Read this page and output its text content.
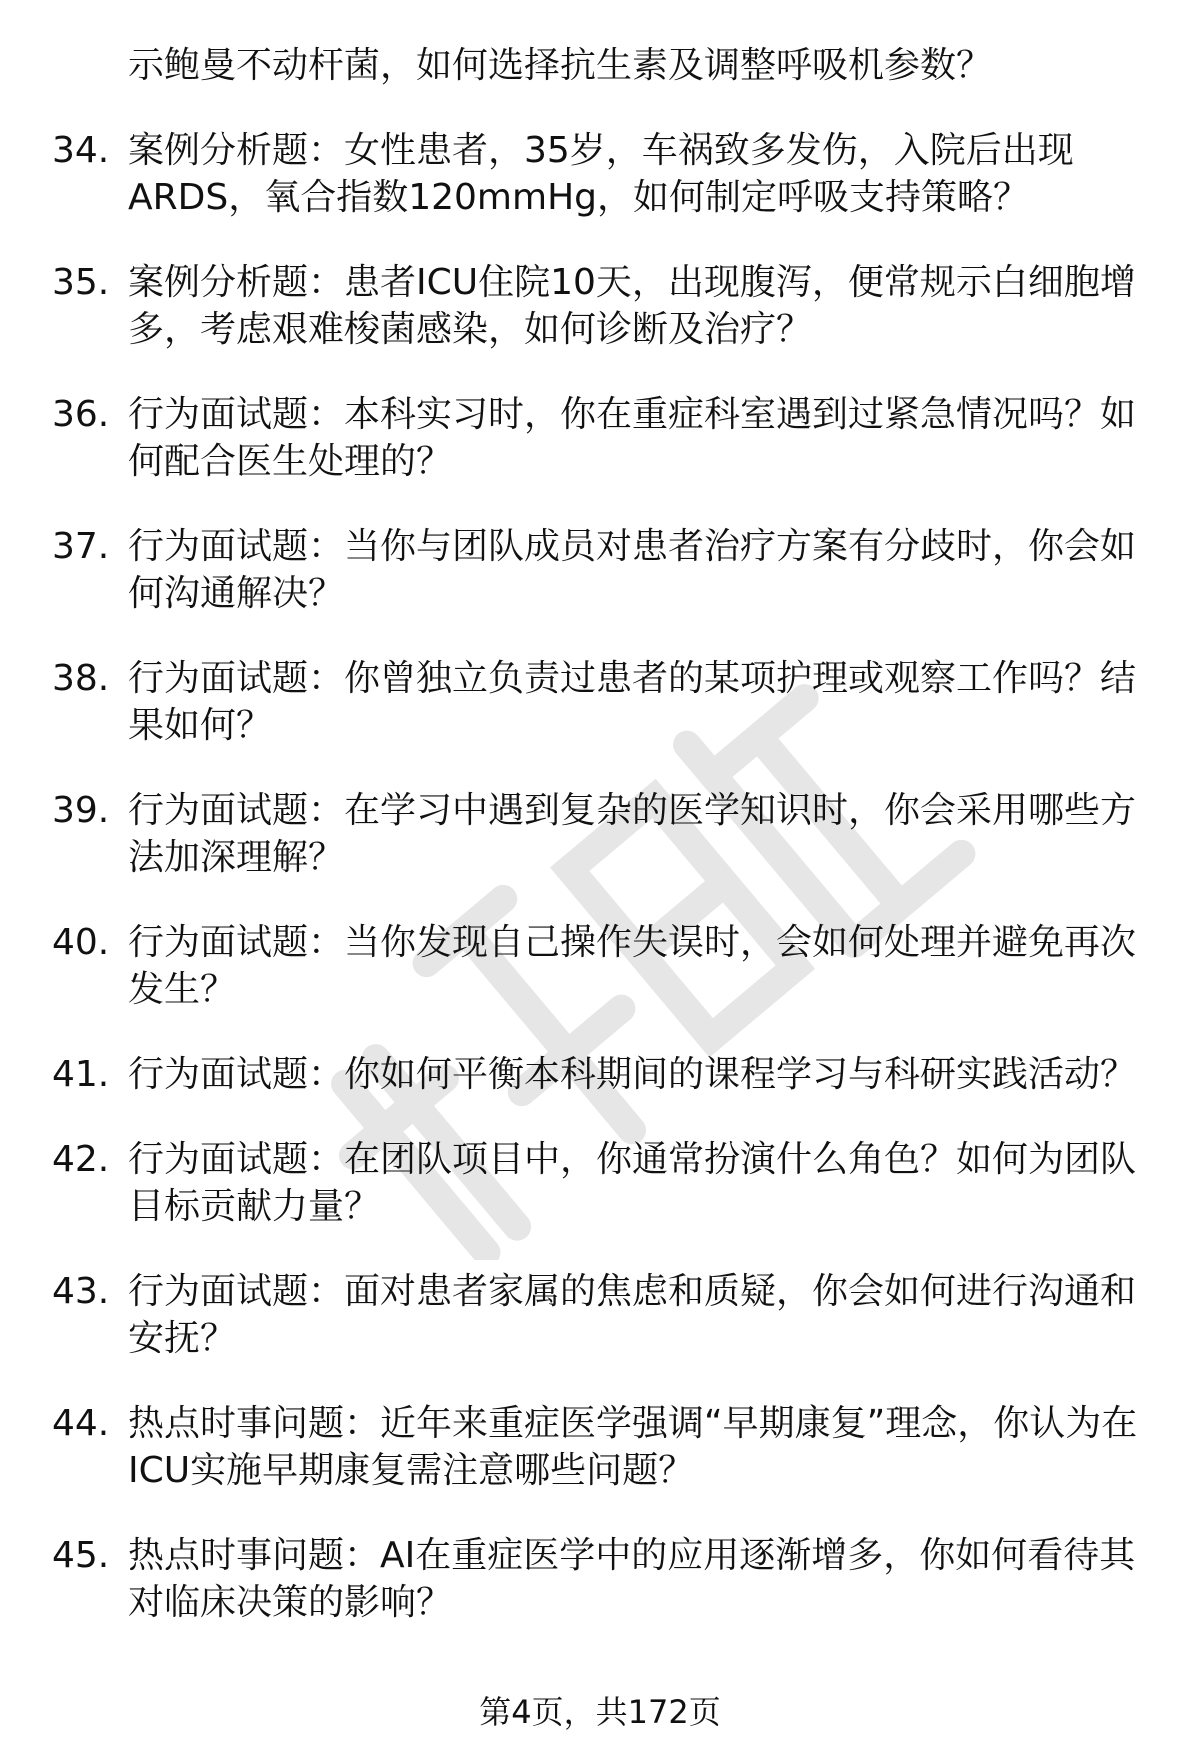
示鲍曼不动杆菌，如何选择抗生素及调整呼吸机参数？
34. 案例分析题：女性患者，35岁，车祸致多发伤，入院后出现ARDS，氧合指数120mmHg，如何制定呼吸支持策略？
35. 案例分析题：患者ICU住院10天，出现腹泻，便常规示白细胞增多，考虑艰难梭菌感染，如何诊断及治疗？
36. 行为面试题：本科实习时，你在重症科室遇到过紧急情况吗？如何配合医生处理的？
37. 行为面试题：当你与团队成员对患者治疗方案有分歧时，你会如何沟通解决？
38. 行为面试题：你曾独立负责过患者的某项护理或观察工作吗？结果如何？
39. 行为面试题：在学习中遇到复杂的医学知识时，你会采用哪些方法加深理解？
40. 行为面试题：当你发现自己操作失误时，会如何处理并避免再次发生？
41. 行为面试题：你如何平衡本科期间的课程学习与科研实践活动？
42. 行为面试题：在团队项目中，你通常扮演什么角色？如何为团队目标贡献力量？
43. 行为面试题：面对患者家属的焦虑和质疑，你会如何进行沟通和安抚？
44. 热点时事问题：近年来重症医学强调“早期康复”理念，你认为在ICU实施早期康复需注意哪些问题？
45. 热点时事问题：AI在重症医学中的应用逐渐增多，你如何看待其对临床决策的影响？
第4页，共172页
